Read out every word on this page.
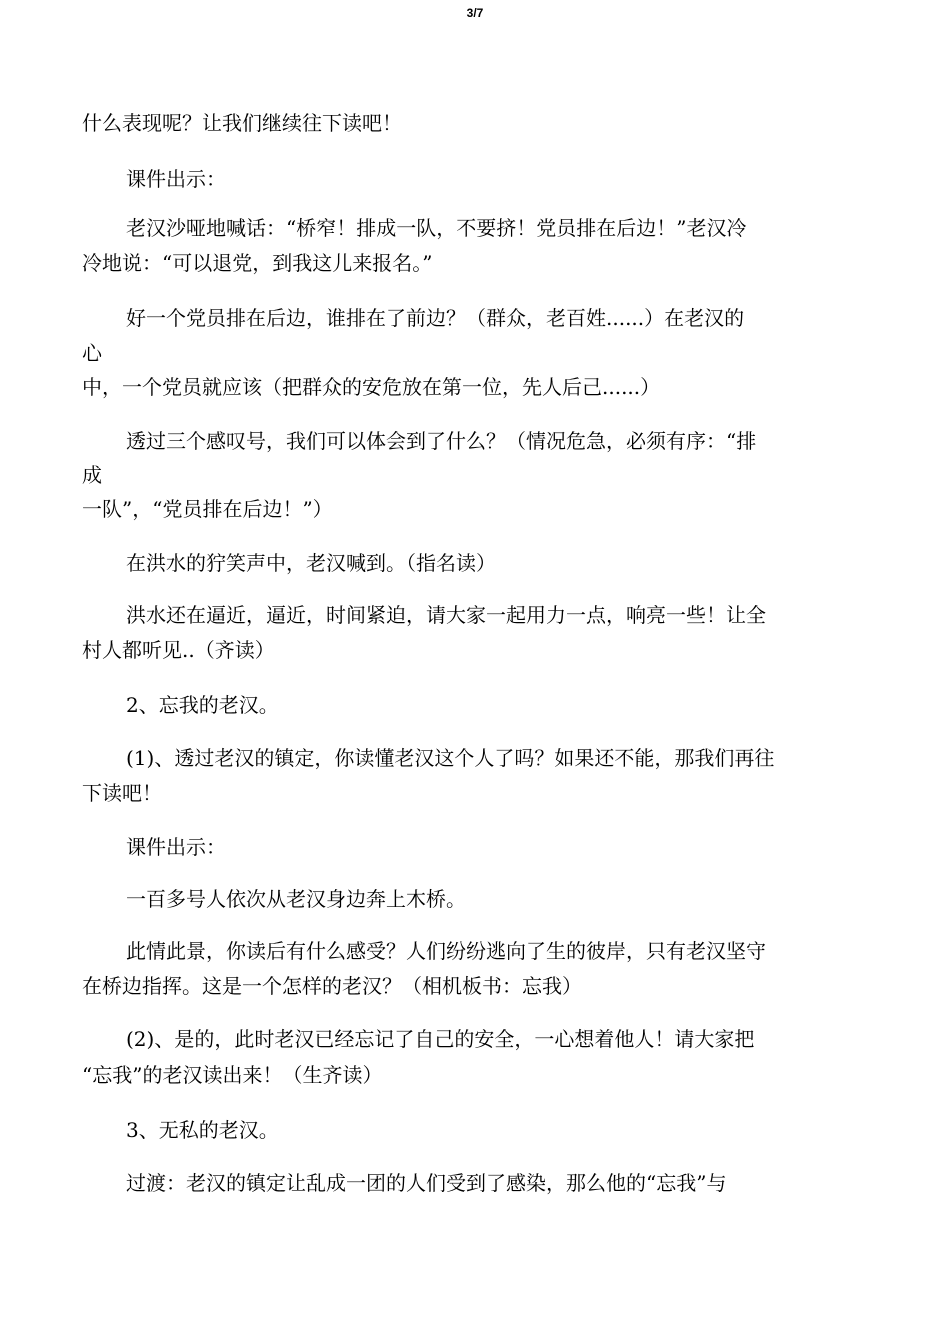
3/7
什么表现呢？让我们继续往下读吧！
课件出示：
老汉沙哑地喊话：“桥窄！排成一队，不要挤！党员排在后边！”老汉冷
冷地说：“可以退党，到我这儿来报名。”
好一个党员排在后边，谁排在了前边？（群众，老百姓......）在老汉的
心
中，一个党员就应该（把群众的安危放在第一位，先人后己......）
透过三个感叹号，我们可以体会到了什么？（情况危急，必须有序：“排
成
一队”，“党员排在后边！”）
在洪水的狞笑声中，老汉喊到。（指名读）
洪水还在逼近，逼近，时间紧迫，请大家一起用力一点，响亮一些！让全
村人都听见..（齐读）
2、忘我的老汉。
(1)、透过老汉的镇定，你读懂老汉这个人了吗？如果还不能，那我们再往
下读吧！
课件出示：
一百多号人依次从老汉身边奔上木桥。
此情此景，你读后有什么感受？人们纷纷逃向了生的彼岸，只有老汉坚守
在桥边指挥。这是一个怎样的老汉？（相机板书：忘我）
(2)、是的，此时老汉已经忘记了自己的安全，一心想着他人！请大家把
“忘我”的老汉读出来！（生齐读）
3、无私的老汉。
过渡：老汉的镇定让乱成一团的人们受到了感染，那么他的“忘我”与
